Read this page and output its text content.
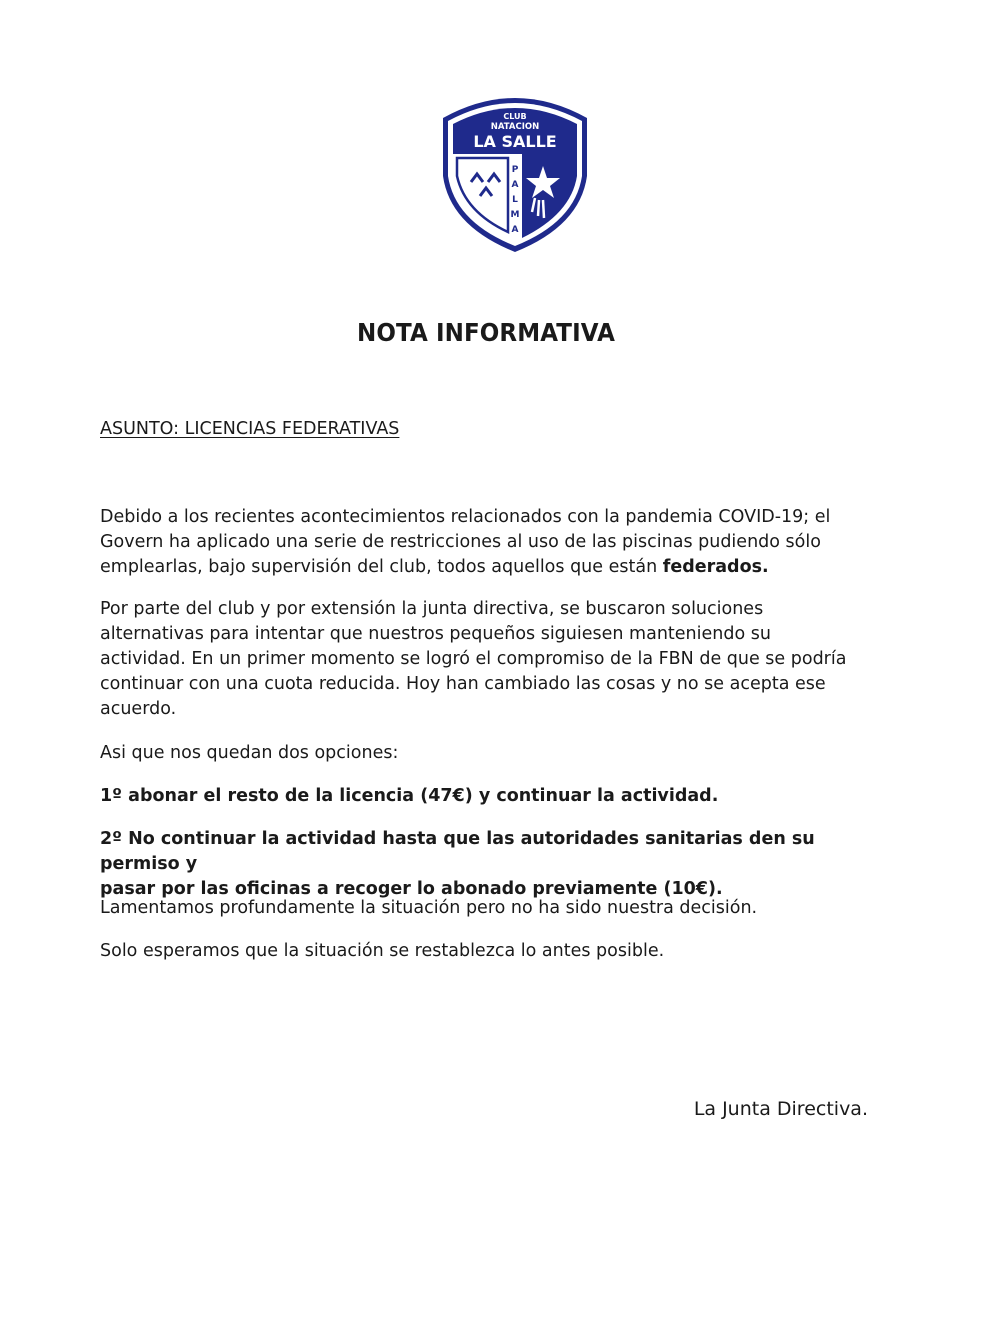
CLUB
NATACION
LA SALLE
P
A
L
M
A
NOTA INFORMATIVA
ASUNTO: LICENCIAS FEDERATIVAS
Debido a los recientes acontecimientos relacionados con la pandemia COVID-19; el
Govern ha aplicado una serie de restricciones al uso de las piscinas pudiendo sólo
emplearlas, bajo supervisión del club, todos aquellos que están federados.
Por parte del club y por extensión la junta directiva, se buscaron soluciones
alternativas para intentar que nuestros pequeños siguiesen manteniendo su
actividad. En un primer momento se logró el compromiso de la FBN de que se podría
continuar con una cuota reducida. Hoy han cambiado las cosas y no se acepta ese
acuerdo.
Asi que nos quedan dos opciones:
1º abonar el resto de la licencia (47€) y continuar la actividad.
2º No continuar la actividad hasta que las autoridades sanitarias den su permiso y
pasar por las oficinas a recoger lo abonado previamente (10€).
Lamentamos profundamente la situación pero no ha sido nuestra decisión.
Solo esperamos que la situación se restablezca lo antes posible.
La Junta Directiva.
